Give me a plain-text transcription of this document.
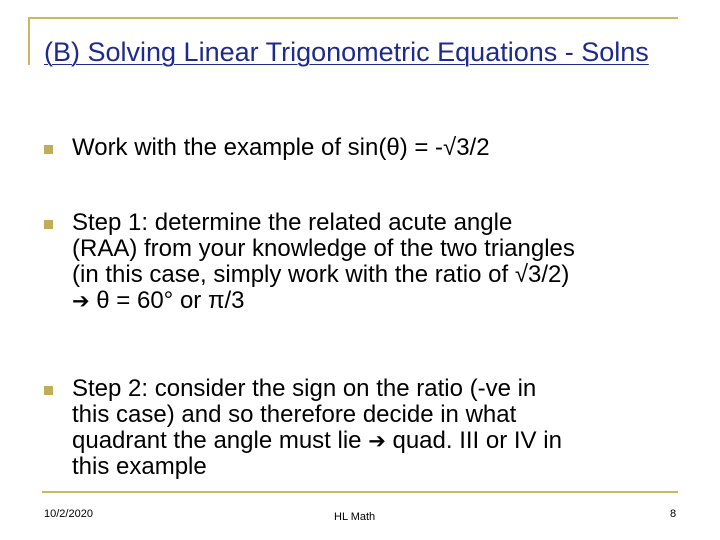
(B) Solving Linear Trigonometric Equations - Solns
Work with the example of sin(θ) = -√3/2
Step 1: determine the related acute angle
(RAA) from your knowledge of the two triangles
(in this case, simply work with the ratio of √3/2)
➔ θ = 60° or π/3
Step 2: consider the sign on the ratio (-ve in
this case) and so therefore decide in what
quadrant the angle must lie ➔ quad. III or IV in
this example
10/2/2020	HL Math	8
